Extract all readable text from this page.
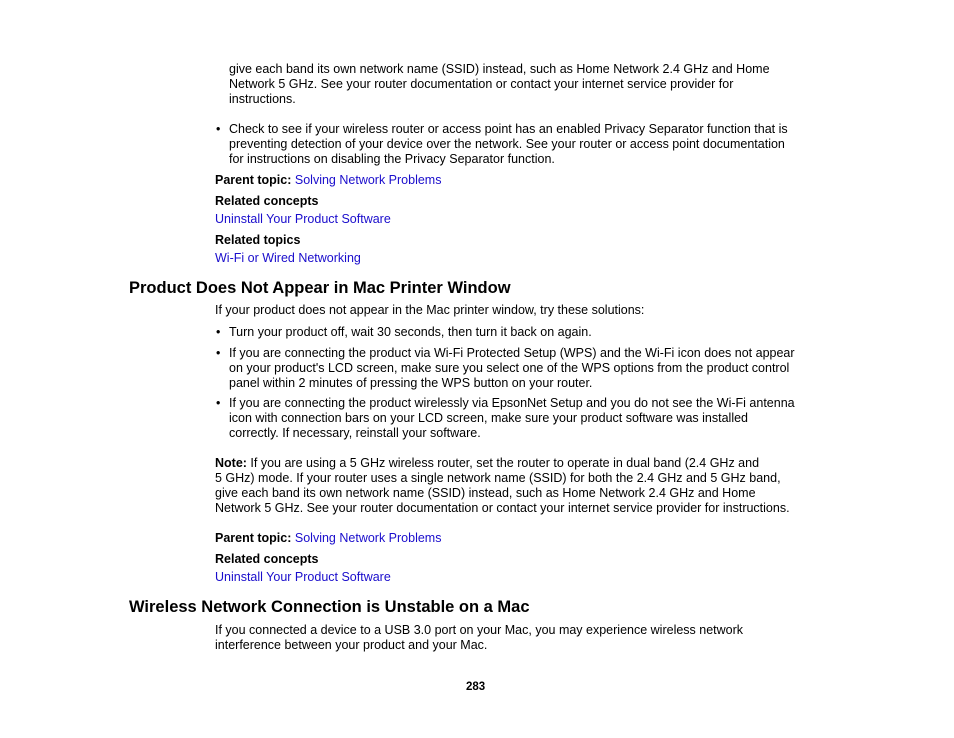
give each band its own network name (SSID) instead, such as Home Network 2.4 GHz and Home
Network 5 GHz. See your router documentation or contact your internet service provider for
instructions.
• Check to see if your wireless router or access point has an enabled Privacy Separator function that is
preventing detection of your device over the network. See your router or access point documentation
for instructions on disabling the Privacy Separator function.
Parent topic: Solving Network Problems
Related concepts
Uninstall Your Product Software
Related topics
Wi-Fi or Wired Networking
Product Does Not Appear in Mac Printer Window
If your product does not appear in the Mac printer window, try these solutions:
• Turn your product off, wait 30 seconds, then turn it back on again.
• If you are connecting the product via Wi-Fi Protected Setup (WPS) and the Wi-Fi icon does not appear
on your product's LCD screen, make sure you select one of the WPS options from the product control
panel within 2 minutes of pressing the WPS button on your router.
• If you are connecting the product wirelessly via EpsonNet Setup and you do not see the Wi-Fi antenna
icon with connection bars on your LCD screen, make sure your product software was installed
correctly. If necessary, reinstall your software.
Note: If you are using a 5 GHz wireless router, set the router to operate in dual band (2.4 GHz and
5 GHz) mode. If your router uses a single network name (SSID) for both the 2.4 GHz and 5 GHz band,
give each band its own network name (SSID) instead, such as Home Network 2.4 GHz and Home
Network 5 GHz. See your router documentation or contact your internet service provider for instructions.
Parent topic: Solving Network Problems
Related concepts
Uninstall Your Product Software
Wireless Network Connection is Unstable on a Mac
If you connected a device to a USB 3.0 port on your Mac, you may experience wireless network
interference between your product and your Mac.
283
